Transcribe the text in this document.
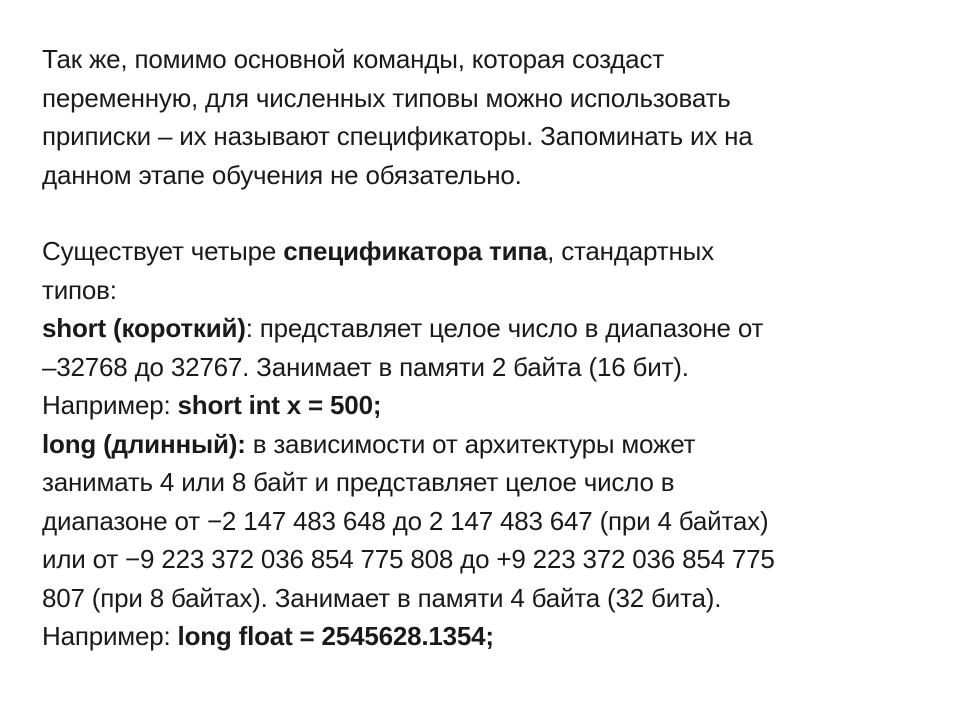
Так же, помимо основной команды, которая создаст
переменную, для численных типовы можно использовать
приписки – их называют спецификаторы. Запоминать их на
данном этапе обучения не обязательно.
Существует четыре спецификатора типа, стандартных
типов:
short (короткий): представляет целое число в диапазоне от
–32768 до 32767. Занимает в памяти 2 байта (16 бит).
Например: short int x = 500;
long (длинный): в зависимости от архитектуры может
занимать 4 или 8 байт и представляет целое число в
диапазоне от −2 147 483 648 до 2 147 483 647 (при 4 байтах)
или от −9 223 372 036 854 775 808 до +9 223 372 036 854 775
807 (при 8 байтах). Занимает в памяти 4 байта (32 бита).
Например: long float = 2545628.1354;
